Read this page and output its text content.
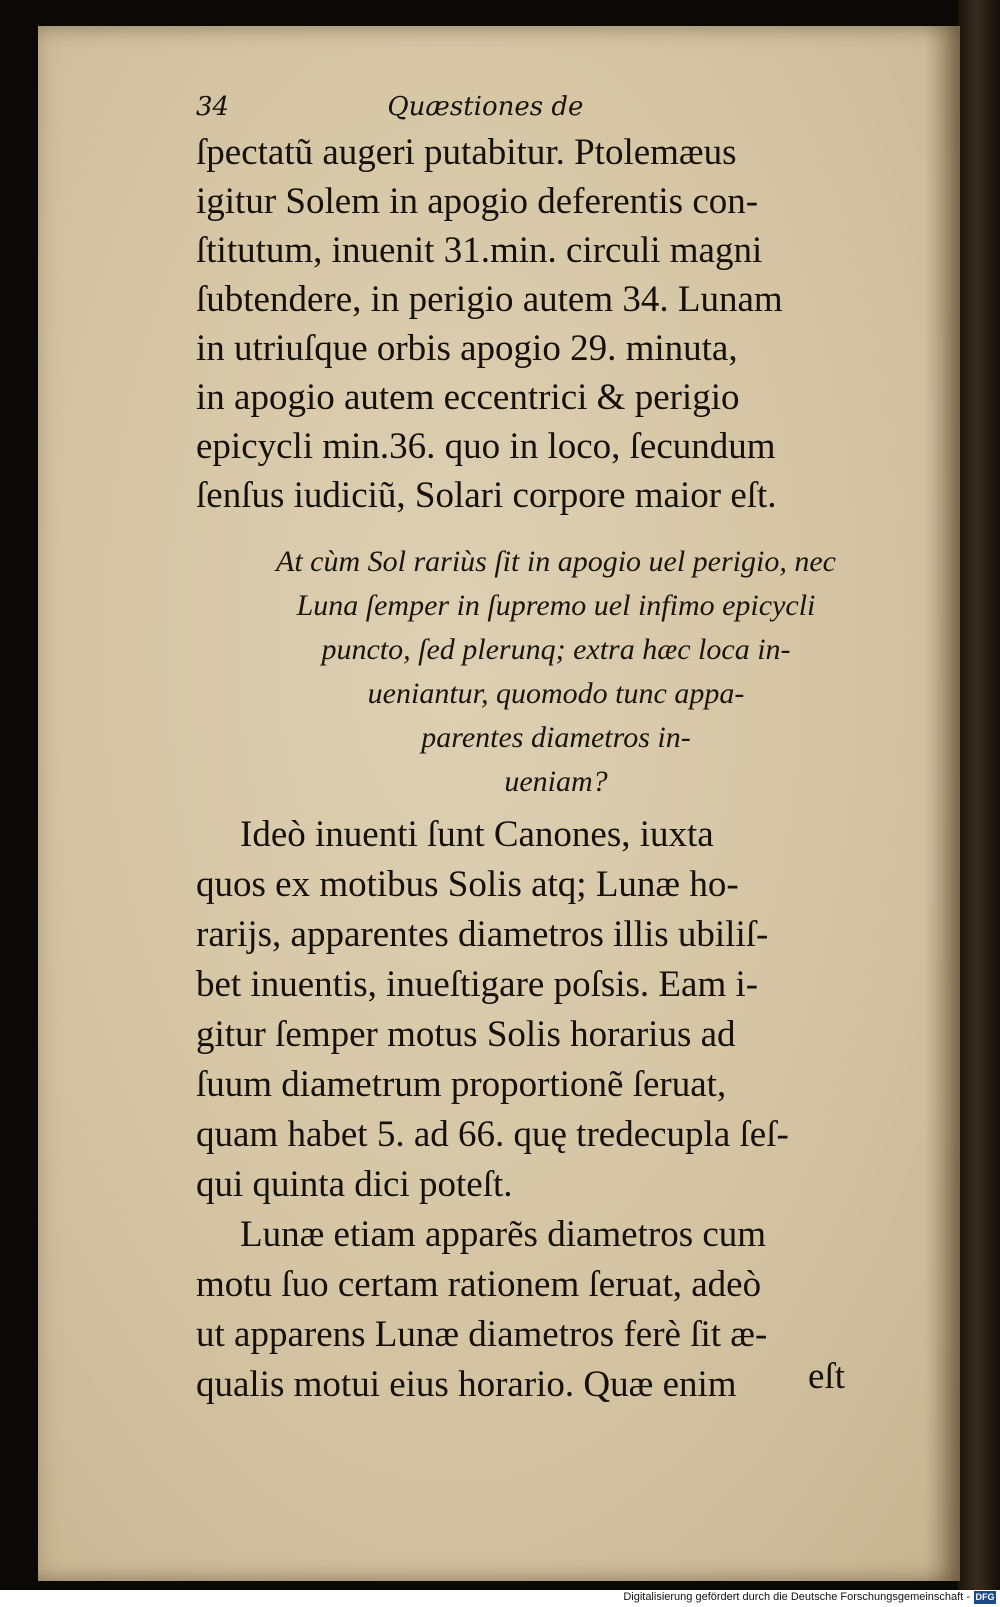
34	Quæstiones de
ſpectatũ augeri putabitur. Ptolemæus
igitur Solem in apogio deferentis con-
ſtitutum, inuenit 31.min. circuli magni
ſubtendere, in perigio autem 34. Lunam
in utriuſque orbis apogio 29. minuta,
in apogio autem eccentrici & perigio
epicycli min.36. quo in loco, ſecundum
ſenſus iudiciũ, Solari corpore maior eſt.
At cùm Sol rariùs ſit in apogio uel perigio, nec
Luna ſemper in ſupremo uel infimo epicycli
puncto, ſed plerunq; extra hæc loca in-
ueniantur, quomodo tunc appa-
parentes diametros in-
ueniam?
Ideò inuenti ſunt Canones, iuxta
quos ex motibus Solis atq; Lunæ ho-
rarijs, apparentes diametros illis ubiliſ-
bet inuentis, inueſtigare poſsis. Eam i-
gitur ſemper motus Solis horarius ad
ſuum diametrum proportionẽ ſeruat,
quam habet 5. ad 66. quę tredecupla ſeſ-
qui quinta dici poteſt.
Lunæ etiam apparẽs diametros cum
motu ſuo certam rationem ſeruat, adeò
ut apparens Lunæ diametros ferè ſit æ-
qualis motui eius horario. Quæ enim	eſt
Digitalisierung gefördert durch die Deutsche Forschungsgemeinschaft - DFG
